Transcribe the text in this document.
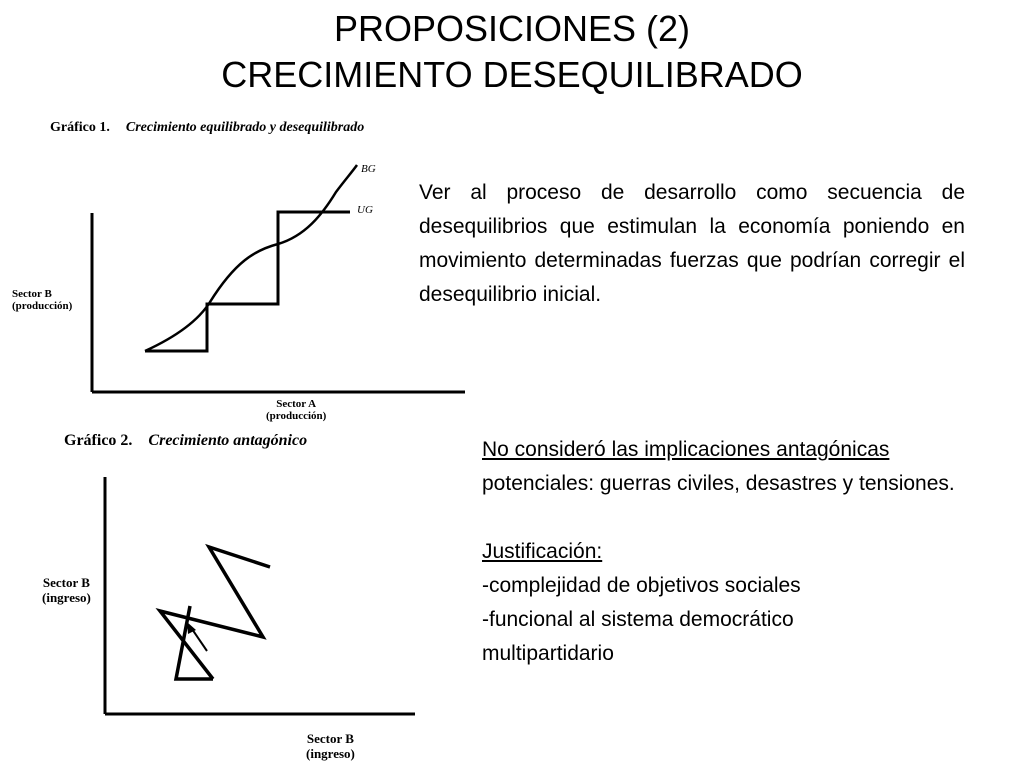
PROPOSICIONES (2)
CRECIMIENTO DESEQUILIBRADO
Gráfico 1. Crecimiento equilibrado y desequilibrado
BG
UG
Sector B
(producción)
Sector A
(producción)
Gráfico 2. Crecimiento antagónico
Sector B
(ingreso)
Sector B
(ingreso)
Ver al proceso de desarrollo como secuencia de desequilibrios que estimulan la economía poniendo en movimiento determinadas fuerzas que podrían corregir el desequilibrio inicial.
No consideró las implicaciones antagónicas
potenciales: guerras civiles, desastres y tensiones.
Justificación:
-complejidad de objetivos sociales
-funcional al sistema democrático multipartidario
